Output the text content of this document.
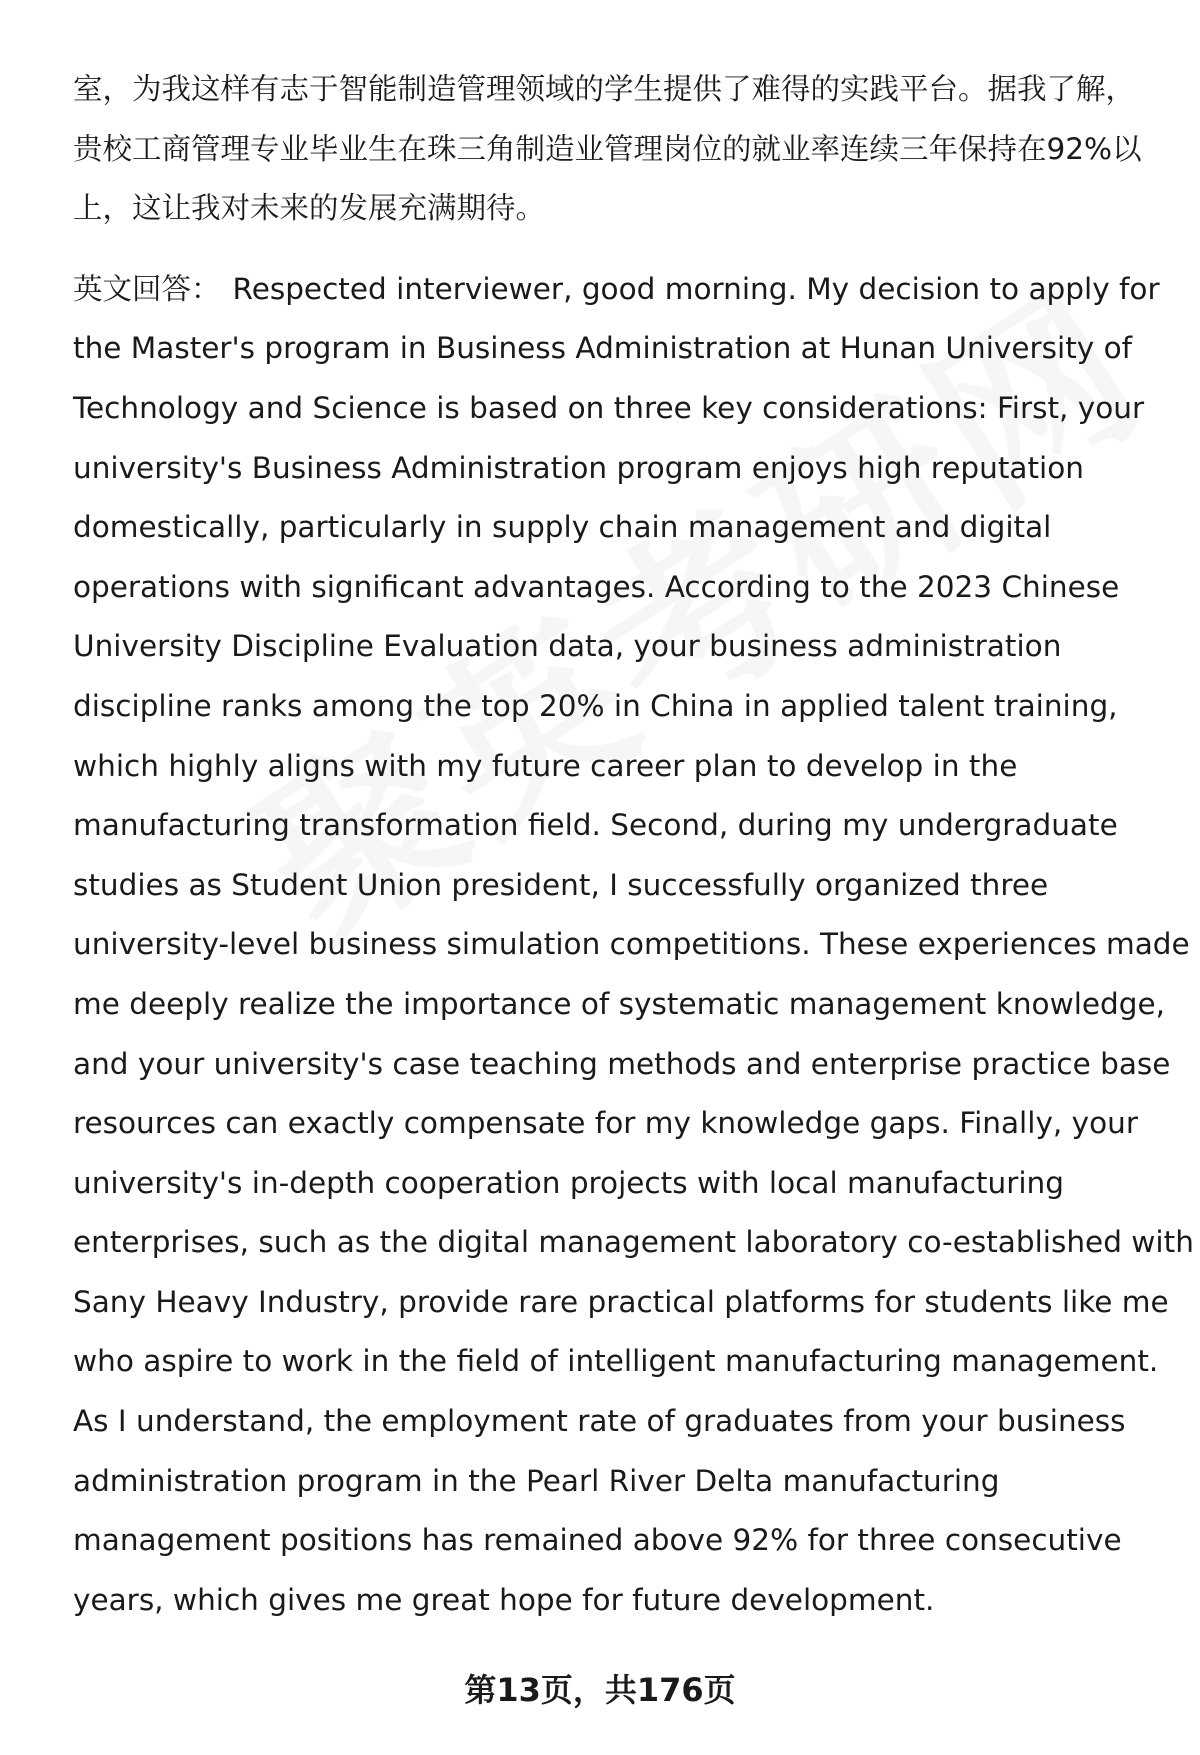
室，为我这样有志于智能制造管理领域的学生提供了难得的实践平台。据我了解，
贵校工商管理专业毕业生在珠三角制造业管理岗位的就业率连续三年保持在92%以
上，这让我对未来的发展充满期待。

英文回答： Respected interviewer, good morning. My decision to apply for
the Master's program in Business Administration at Hunan University of
Technology and Science is based on three key considerations: First, your
university's Business Administration program enjoys high reputation
domestically, particularly in supply chain management and digital
operations with significant advantages. According to the 2023 Chinese
University Discipline Evaluation data, your business administration
discipline ranks among the top 20% in China in applied talent training,
which highly aligns with my future career plan to develop in the
manufacturing transformation field. Second, during my undergraduate
studies as Student Union president, I successfully organized three
university-level business simulation competitions. These experiences made
me deeply realize the importance of systematic management knowledge,
and your university's case teaching methods and enterprise practice base
resources can exactly compensate for my knowledge gaps. Finally, your
university's in-depth cooperation projects with local manufacturing
enterprises, such as the digital management laboratory co-established with
Sany Heavy Industry, provide rare practical platforms for students like me
who aspire to work in the field of intelligent manufacturing management.
As I understand, the employment rate of graduates from your business
administration program in the Pearl River Delta manufacturing
management positions has remained above 92% for three consecutive
years, which gives me great hope for future development.

第13页，共176页
